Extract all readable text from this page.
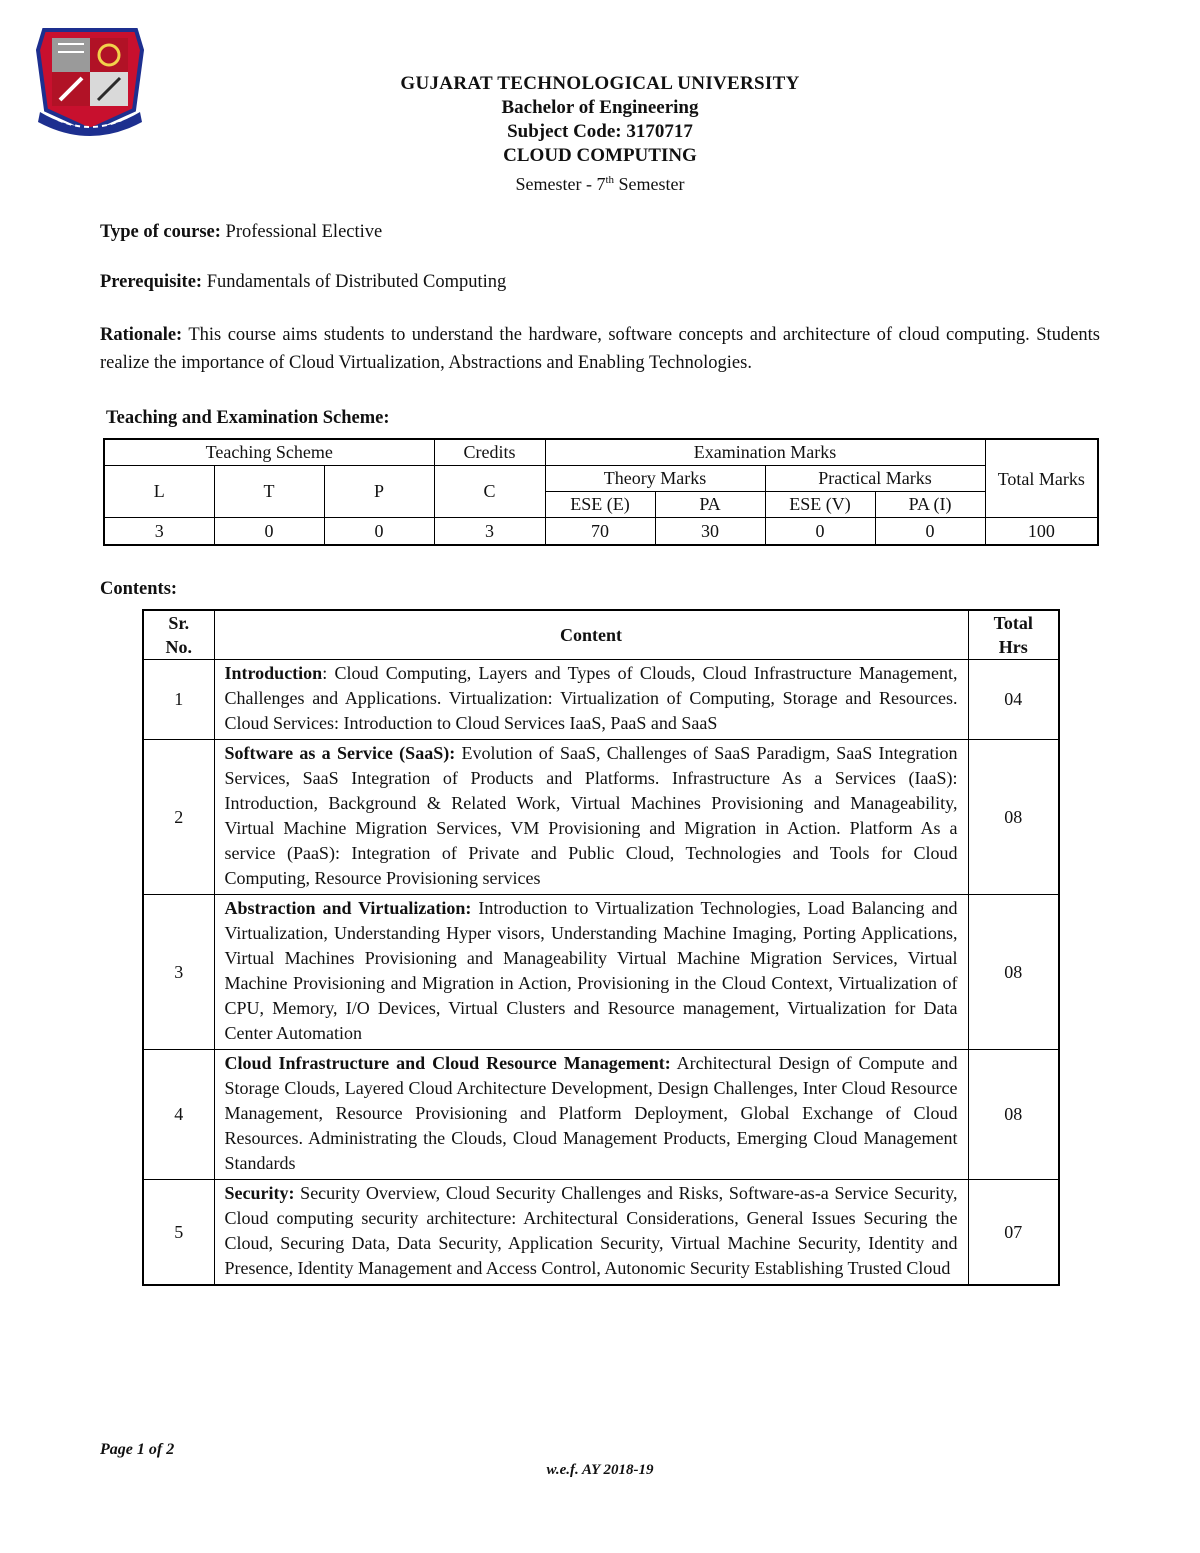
GUJARAT TECHNOLOGICAL UNIVERSITY
Bachelor of Engineering
Subject Code: 3170717
CLOUD COMPUTING
Semester - 7th Semester
Type of course: Professional Elective
Prerequisite: Fundamentals of Distributed Computing
Rationale: This course aims students to understand the hardware, software concepts and architecture of cloud computing. Students realize the importance of Cloud Virtualization, Abstractions and Enabling Technologies.
Teaching and Examination Scheme:
Teaching Scheme			Credits	Examination Marks				Total Marks
L	T	P	C	Theory Marks		Practical Marks		
				ESE (E)	PA	ESE (V)	PA (I)	
3	0	0	3	70	30	0	0	100
Contents:
Sr. No.	Content	Total Hrs
1	Introduction: Cloud Computing, Layers and Types of Clouds, Cloud Infrastructure Management, Challenges and Applications. Virtualization: Virtualization of Computing, Storage and Resources. Cloud Services: Introduction to Cloud Services IaaS, PaaS and SaaS	04
2	Software as a Service (SaaS): Evolution of SaaS, Challenges of SaaS Paradigm, SaaS Integration Services, SaaS Integration of Products and Platforms. Infrastructure As a Services (IaaS): Introduction, Background & Related Work, Virtual Machines Provisioning and Manageability, Virtual Machine Migration Services, VM Provisioning and Migration in Action. Platform As a service (PaaS): Integration of Private and Public Cloud, Technologies and Tools for Cloud Computing, Resource Provisioning services	08
3	Abstraction and Virtualization: Introduction to Virtualization Technologies, Load Balancing and Virtualization, Understanding Hyper visors, Understanding Machine Imaging, Porting Applications, Virtual Machines Provisioning and Manageability Virtual Machine Migration Services, Virtual Machine Provisioning and Migration in Action, Provisioning in the Cloud Context, Virtualization of CPU, Memory, I/O Devices, Virtual Clusters and Resource management, Virtualization for Data Center Automation	08
4	Cloud Infrastructure and Cloud Resource Management: Architectural Design of Compute and Storage Clouds, Layered Cloud Architecture Development, Design Challenges, Inter Cloud Resource Management, Resource Provisioning and Platform Deployment, Global Exchange of Cloud Resources. Administrating the Clouds, Cloud Management Products, Emerging Cloud Management Standards	08
5	Security: Security Overview, Cloud Security Challenges and Risks, Software-as-a Service Security, Cloud computing security architecture: Architectural Considerations, General Issues Securing the Cloud, Securing Data, Data Security, Application Security, Virtual Machine Security, Identity and Presence, Identity Management and Access Control, Autonomic Security Establishing Trusted Cloud	07
Page 1 of 2
w.e.f. AY 2018-19
